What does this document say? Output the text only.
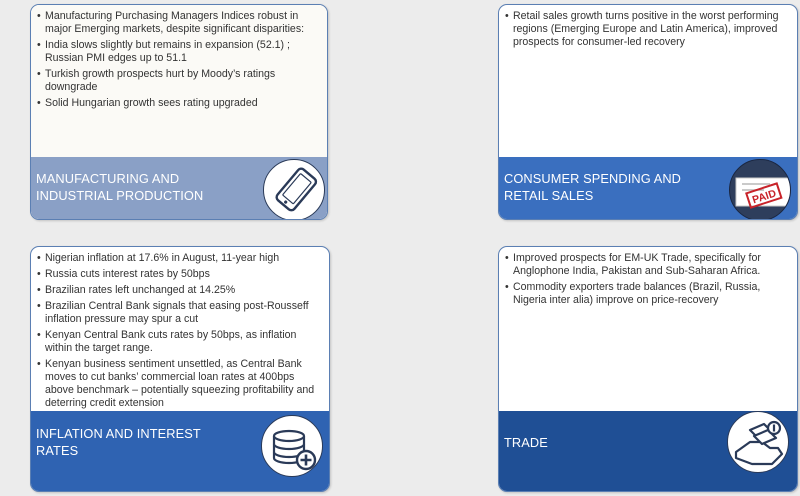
• Manufacturing Purchasing Managers Indices robust in major Emerging markets, despite significant disparities:
• India slows slightly but remains in expansion (52.1) ; Russian PMI edges up to 51.1
• Turkish growth prospects hurt by Moody’s ratings downgrade
• Solid Hungarian growth sees rating upgraded
MANUFACTURING AND
INDUSTRIAL PRODUCTION
• Retail sales growth turns positive in the worst performing regions (Emerging Europe and Latin America), improved prospects for consumer-led recovery
CONSUMER SPENDING AND
RETAIL SALES	PAID
• Nigerian inflation at 17.6% in August, 11-year high
• Russia cuts interest rates by 50bps
• Brazilian rates left unchanged at 14.25%
• Brazilian Central Bank signals that easing post-Rousseff inflation pressure may spur a cut
• Kenyan Central Bank cuts rates by 50bps, as inflation within the target range.
• Kenyan business sentiment unsettled, as Central Bank moves to cut banks’ commercial loan rates at 400bps above benchmark – potentially squeezing profitability and deterring credit extension
INFLATION AND INTEREST
RATES
• Improved prospects for EM-UK Trade, specifically for Anglophone India, Pakistan and Sub-Saharan Africa.
• Commodity exporters trade balances (Brazil, Russia, Nigeria inter alia) improve on price-recovery
TRADE
